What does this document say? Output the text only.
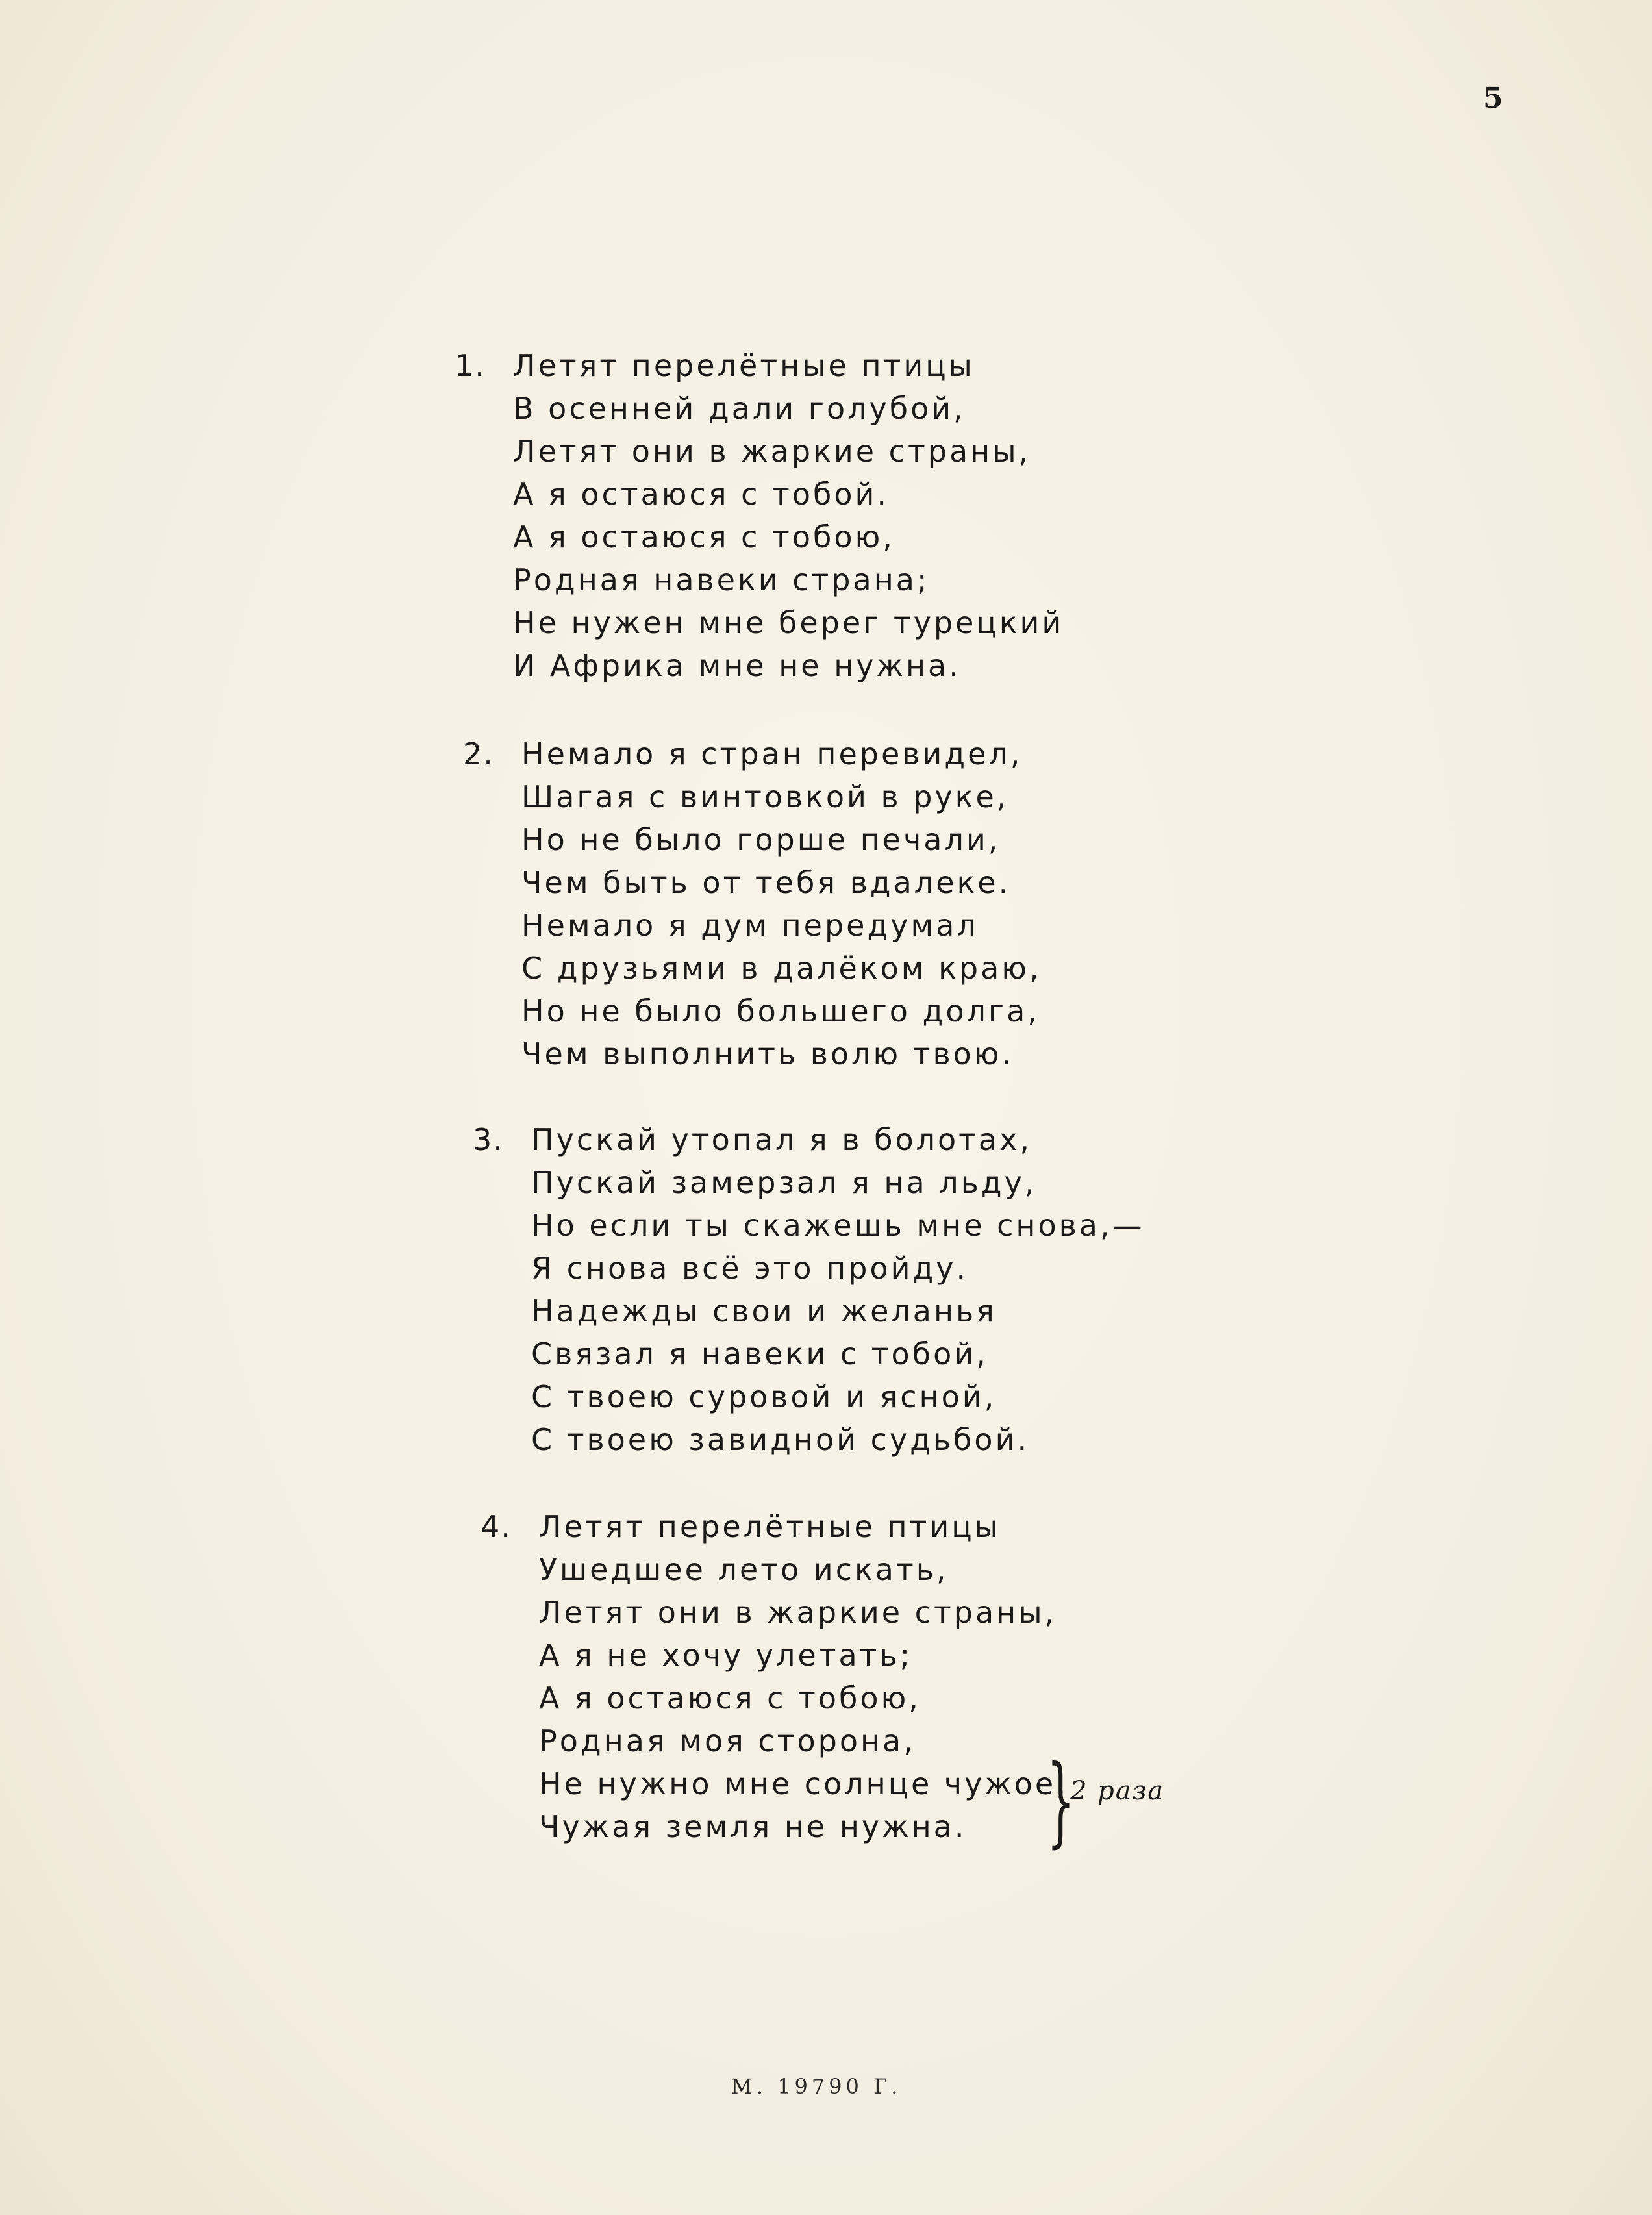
5
1. Летят перелётные птицы
В осенней дали голубой,
Летят они в жаркие страны,
А я остаюся с тобой.
А я остаюся с тобою,
Родная навеки страна;
Не нужен мне берег турецкий
И Африка мне не нужна.
2. Немало я стран перевидел,
Шагая с винтовкой в руке,
Но не было горше печали,
Чем быть от тебя вдалеке.
Немало я дум передумал
С друзьями в далёком краю,
Но не было большего долга,
Чем выполнить волю твою.
3. Пускай утопал я в болотах,
Пускай замерзал я на льду,
Но если ты скажешь мне снова,—
Я снова всё это пройду.
Надежды свои и желанья
Связал я навеки с тобой,
С твоею суровой и ясной,
С твоею завидной судьбой.
4. Летят перелётные птицы
Ушедшее лето искать,
Летят они в жаркие страны,
А я не хочу улетать;
А я остаюся с тобою,
Родная моя сторона,
Не нужно мне солнце чужое,
Чужая земля не нужна. }
2 раза
М. 19790 Г.
